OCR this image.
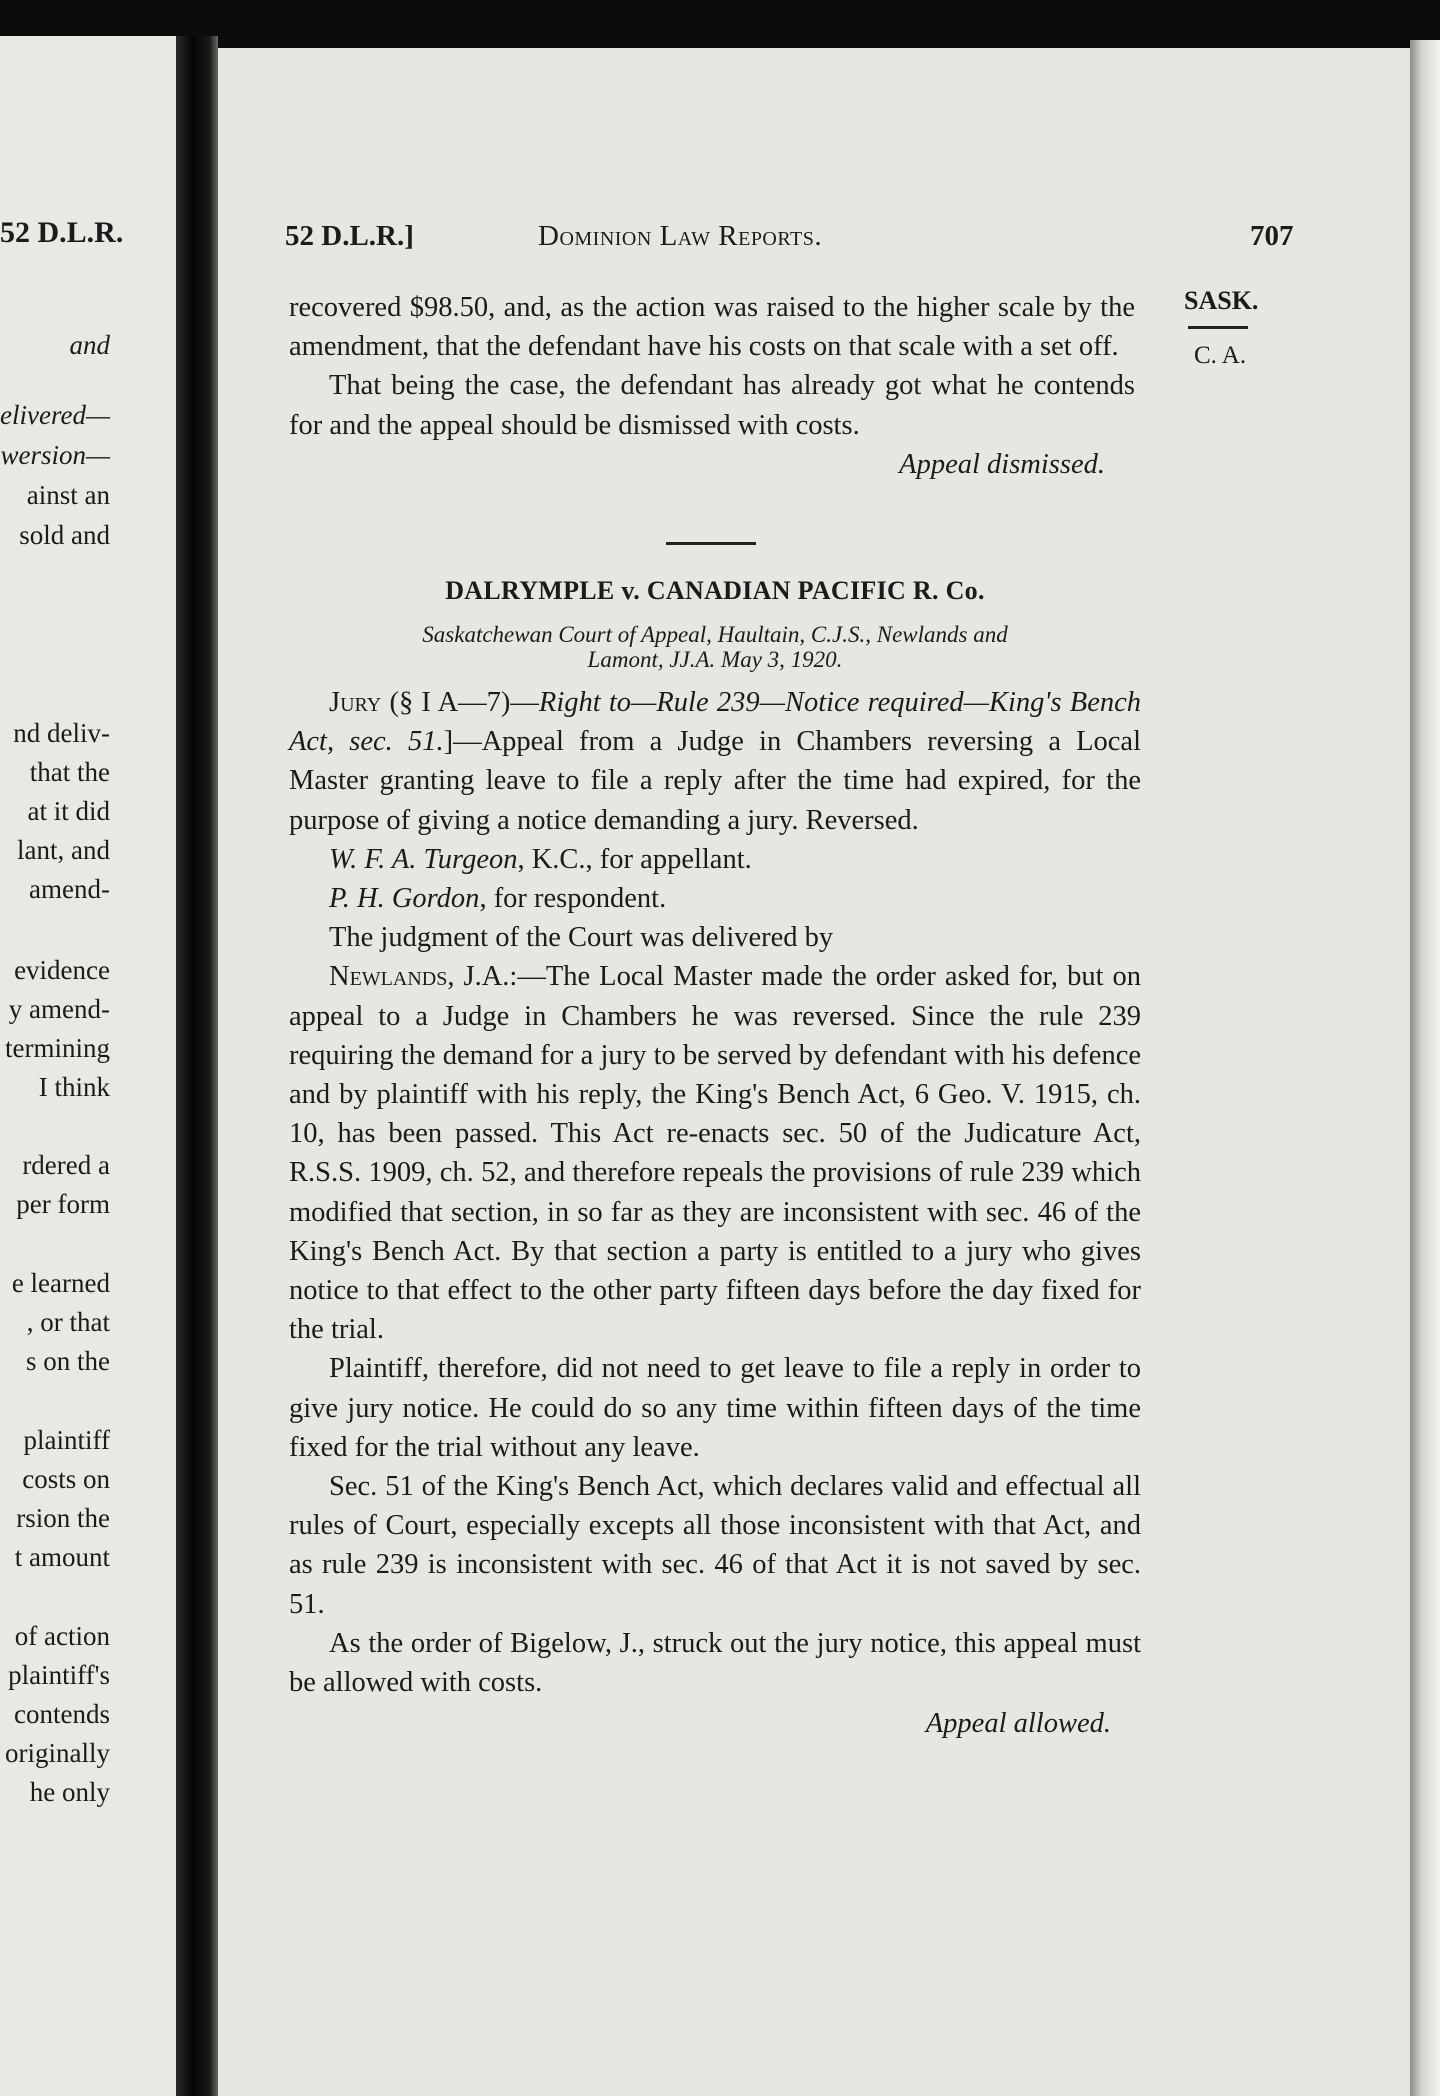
52 D.L.R.
and
elivered—
wersion—
ainst an
sold and
nd deliv-
that the
at it did
lant, and
amend-
evidence
y amend-
termining
I think
rdered a
per form
e learned
, or that
s on the
plaintiff
costs on
rsion the
t amount
of action
plaintiff's
contends
originally
he only
52 D.L.R.]	Dominion Law Reports.	707
SASK.
C. A.

recovered $98.50, and, as the action was raised to the higher scale by the amendment, that the defendant have his costs on that scale with a set off.

That being the case, the defendant has already got what he contends for and the appeal should be dismissed with costs.

Appeal dismissed.

DALRYMPLE v. CANADIAN PACIFIC R. Co.
Saskatchewan Court of Appeal, Haultain, C.J.S., Newlands and
Lamont, JJ.A. May 3, 1920.

Jury (§ I A—7)—Right to—Rule 239—Notice required—King's Bench Act, sec. 51.]—Appeal from a Judge in Chambers reversing a Local Master granting leave to file a reply after the time had expired, for the purpose of giving a notice demanding a jury. Reversed.

W. F. A. Turgeon, K.C., for appellant.

P. H. Gordon, for respondent.

The judgment of the Court was delivered by

Newlands, J.A.:—The Local Master made the order asked for, but on appeal to a Judge in Chambers he was reversed. Since the rule 239 requiring the demand for a jury to be served by defendant with his defence and by plaintiff with his reply, the King's Bench Act, 6 Geo. V. 1915, ch. 10, has been passed. This Act re-enacts sec. 50 of the Judicature Act, R.S.S. 1909, ch. 52, and therefore repeals the provisions of rule 239 which modified that section, in so far as they are inconsistent with sec. 46 of the King's Bench Act. By that section a party is entitled to a jury who gives notice to that effect to the other party fifteen days before the day fixed for the trial.

Plaintiff, therefore, did not need to get leave to file a reply in order to give jury notice. He could do so any time within fifteen days of the time fixed for the trial without any leave.

Sec. 51 of the King's Bench Act, which declares valid and effectual all rules of Court, especially excepts all those inconsistent with that Act, and as rule 239 is inconsistent with sec. 46 of that Act it is not saved by sec. 51.

As the order of Bigelow, J., struck out the jury notice, this appeal must be allowed with costs.

Appeal allowed.
